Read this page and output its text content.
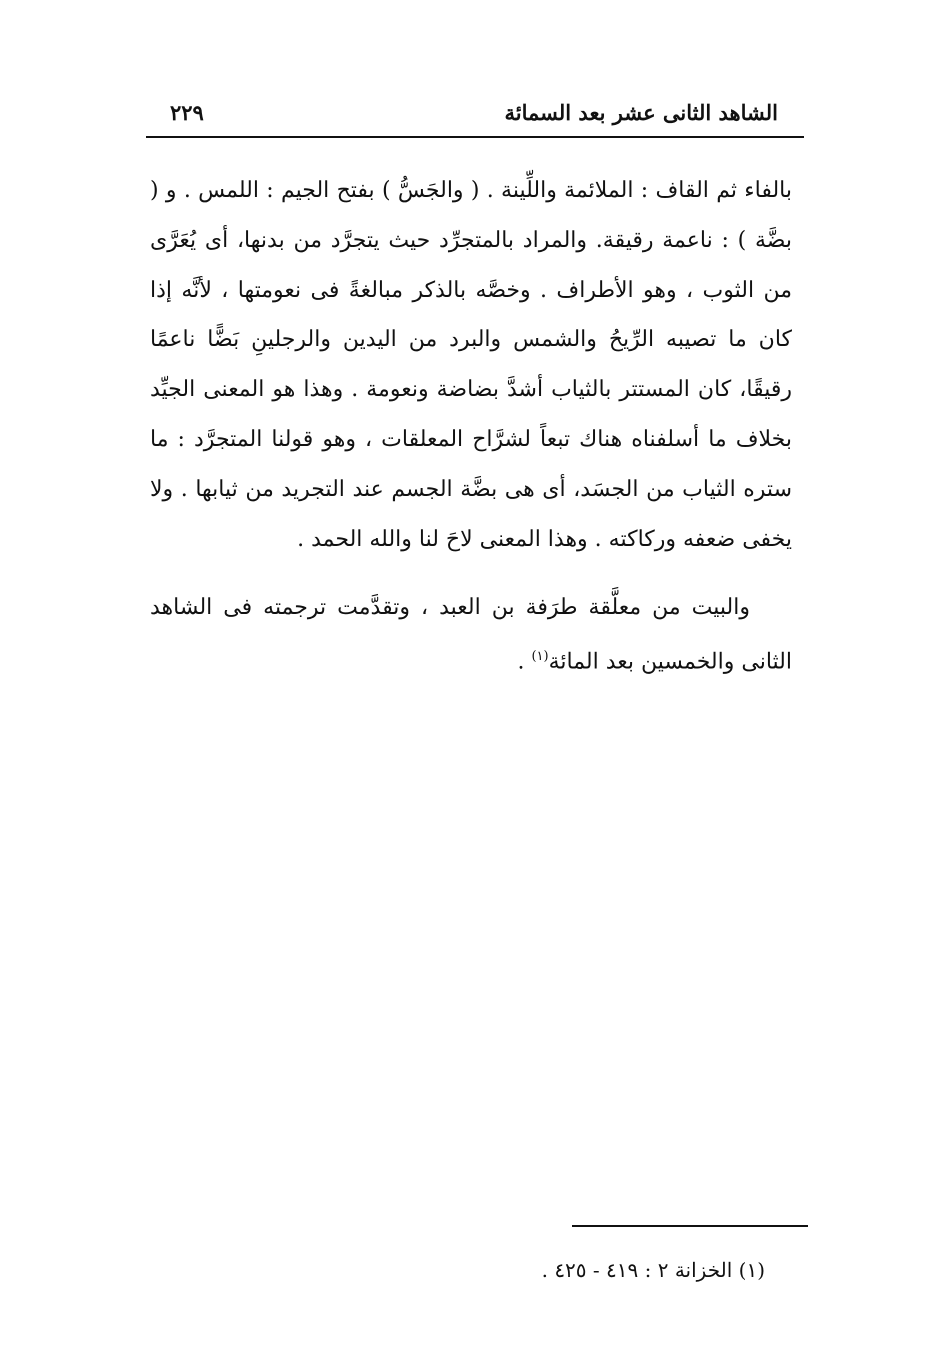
الشاهد الثانى عشر بعد السمائة
٢٢٩

بالفاء ثم القاف : الملائمة واللِّينة . ( والجَسُّ ) بفتح الجيم : اللمس . و ( بضَّة ) : ناعمة رقيقة. والمراد بالمتجرِّد حيث يتجرَّد من بدنها، أى يُعَرَّى من الثوب ، وهو الأطراف . وخصَّه بالذكر مبالغةً فى نعومتها ، لأنَّه إذا كان ما تصيبه الرِّيحُ والشمس والبرد من اليدين والرجلينِ بَضًّا ناعمًا رقيقًا، كان المستتر بالثياب أشدَّ بضاضة ونعومة . وهذا هو المعنى الجيِّد بخلاف ما أسلفناه هناك تبعاً لشرَّاح المعلقات ، وهو قولنا المتجرَّد : ما ستره الثياب من الجسَد، أى هى بضَّة الجسم عند التجريد من ثيابها . ولا يخفى ضعفه وركاكته . وهذا المعنى لاحَ لنا والله الحمد .

والبيت من معلَّقة طرَفة بن العبد ، وتقدَّمت ترجمته فى الشاهد الثانى والخمسين بعد المائة$^{(١)}$ .
(١) الخزانة ٢ : ٤١٩ - ٤٢٥ .
